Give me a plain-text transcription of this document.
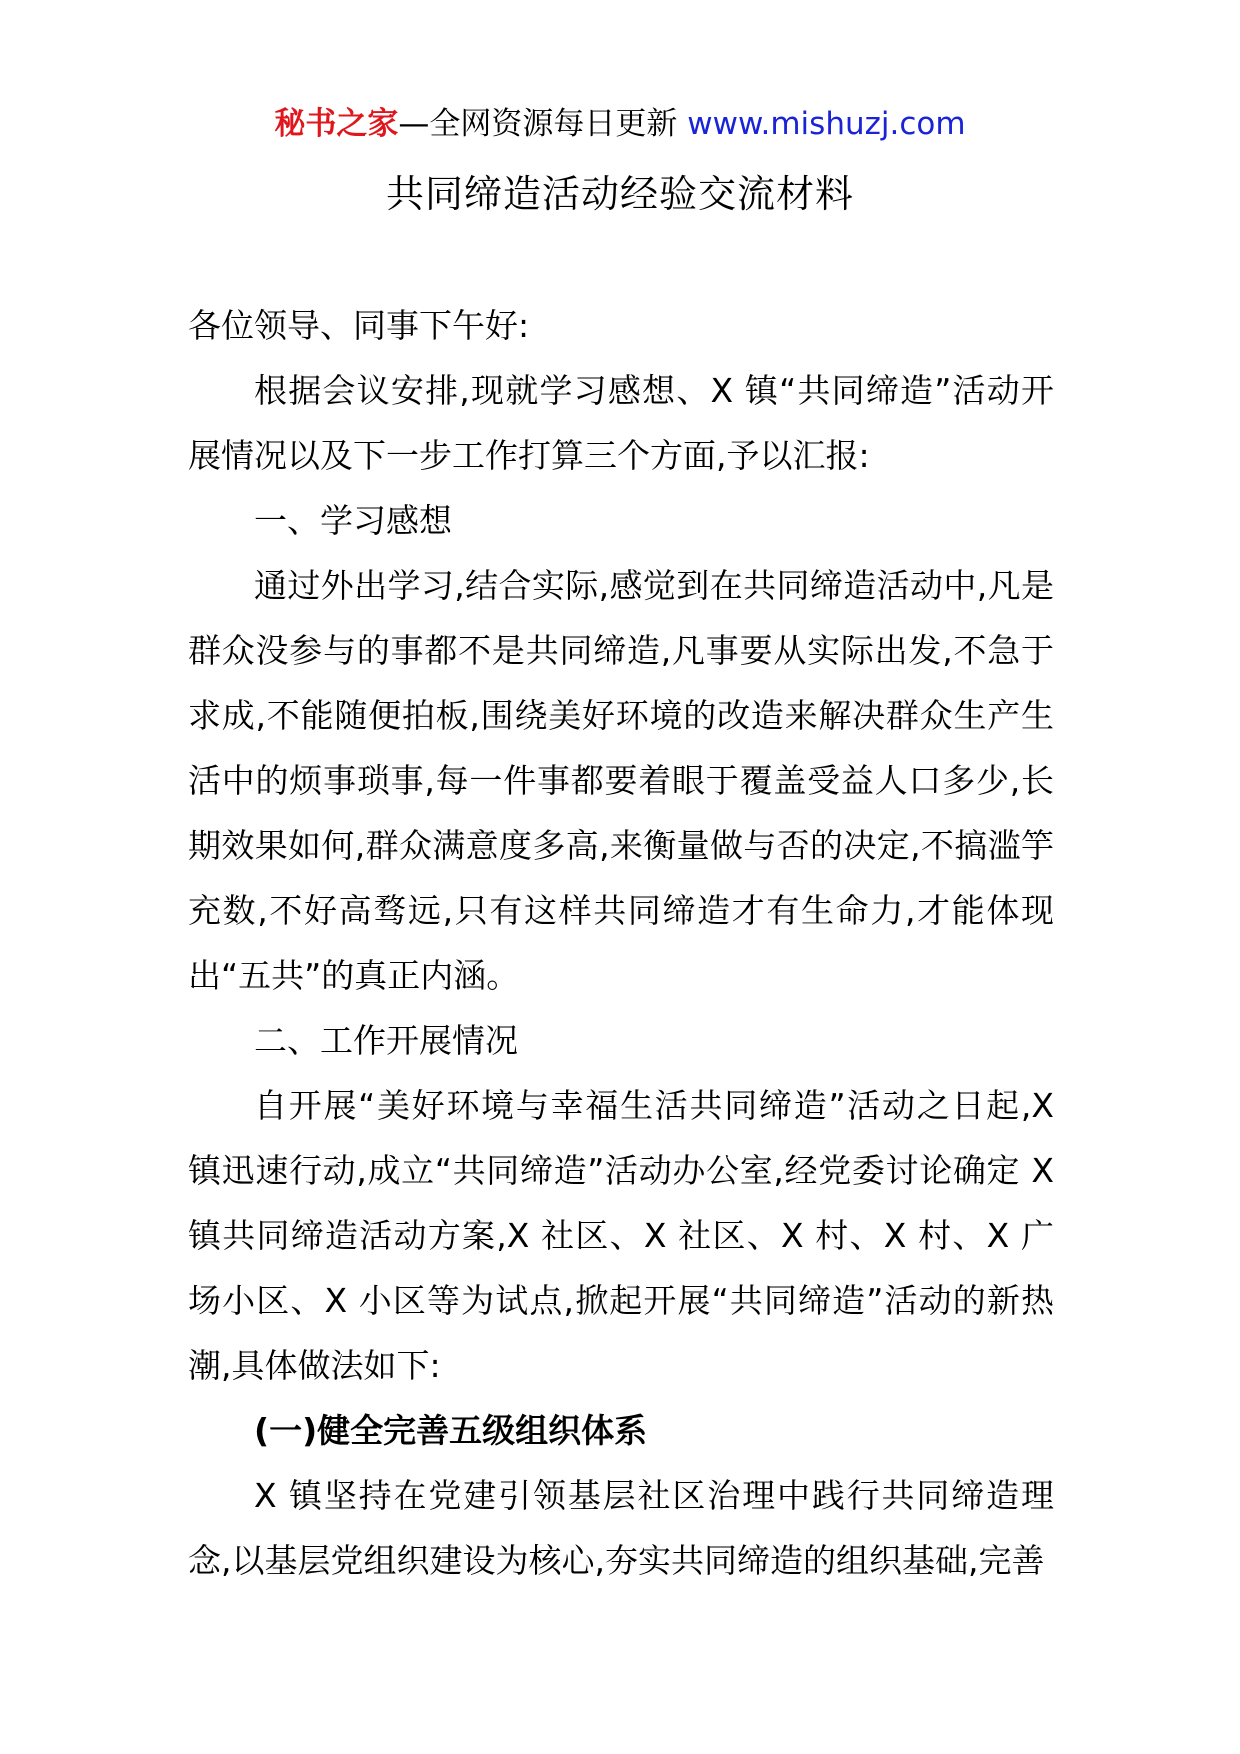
秘书之家—全网资源每日更新 www.mishuzj.com
共同缔造活动经验交流材料

各位领导、同事下午好:

根据会议安排,现就学习感想、X 镇“共同缔造”活动开展情况以及下一步工作打算三个方面,予以汇报:

一、学习感想

通过外出学习,结合实际,感觉到在共同缔造活动中,凡是群众没参与的事都不是共同缔造,凡事要从实际出发,不急于求成,不能随便拍板,围绕美好环境的改造来解决群众生产生活中的烦事琐事,每一件事都要着眼于覆盖受益人口多少,长期效果如何,群众满意度多高,来衡量做与否的决定,不搞滥竽充数,不好高骛远,只有这样共同缔造才有生命力,才能体现出“五共”的真正内涵。

二、工作开展情况

自开展“美好环境与幸福生活共同缔造”活动之日起,X 镇迅速行动,成立“共同缔造”活动办公室,经党委讨论确定 X 镇共同缔造活动方案,X 社区、X 社区、X 村、X 村、X 广场小区、X 小区等为试点,掀起开展“共同缔造”活动的新热潮,具体做法如下:

(一)健全完善五级组织体系

X 镇坚持在党建引领基层社区治理中践行共同缔造理念,以基层党组织建设为核心,夯实共同缔造的组织基础,完善
